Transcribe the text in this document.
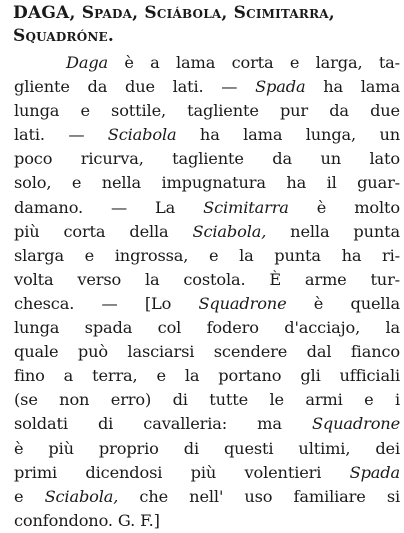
DAGA, Spada, Sciábola, Scimitarra,
Squadróne.
Daga è a lama corta e larga, ta-
gliente da due lati. — Spada ha lama
lunga e sottile, tagliente pur da due
lati. — Sciabola ha lama lunga, un
poco ricurva, tagliente da un lato
solo, e nella impugnatura ha il guar-
damano. — La Scimitarra è molto
più corta della Sciabola, nella punta
slarga e ingrossa, e la punta ha ri-
volta verso la costola. È arme tur-
chesca. — [Lo Squadrone è quella
lunga spada col fodero d'acciajo, la
quale può lasciarsi scendere dal fianco
fino a terra, e la portano gli ufficiali
(se non erro) di tutte le armi e i
soldati di cavalleria: ma Squadrone
è più proprio di questi ultimi, dei
primi dicendosi più volentieri Spada
e Sciabola, che nell' uso familiare si
confondono. G. F.]
